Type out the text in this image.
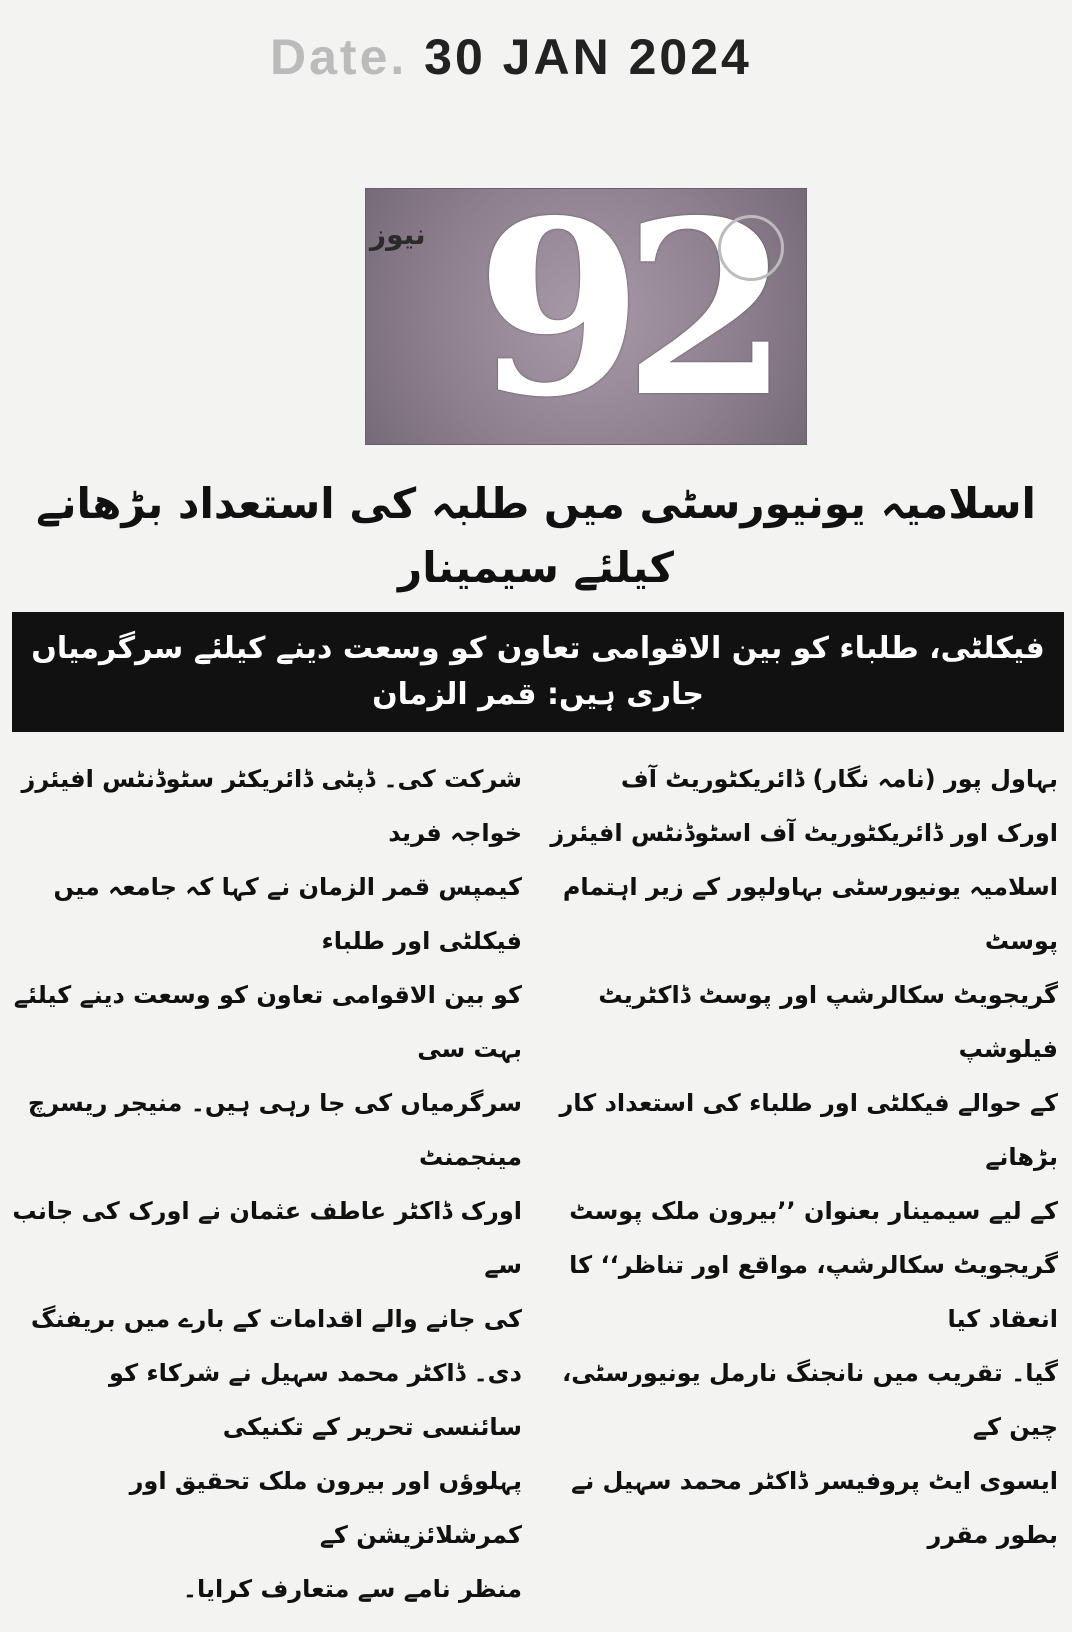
Date. 30 JAN 2024
نیوز 92
اسلامیہ یونیورسٹی میں طلبہ کی استعداد بڑھانے کیلئے سیمینار
فیکلٹی، طلباء کو بین الاقوامی تعاون کو وسعت دینے کیلئے سرگرمیاں جاری ہیں: قمر الزمان
بہاول پور (نامہ نگار) ڈائریکٹوریٹ آف
اورک اور ڈائریکٹوریٹ آف اسٹوڈنٹس افیئرز
اسلامیہ یونیورسٹی بہاولپور کے زیر اہتمام پوسٹ
گریجویٹ سکالرشپ اور پوسٹ ڈاکٹریٹ فیلوشپ
کے حوالے فیکلٹی اور طلباء کی استعداد کار بڑھانے
کے لیے سیمینار بعنوان ’’بیرون ملک پوسٹ
گریجویٹ سکالرشپ، مواقع اور تناظر‘‘ کا انعقاد کیا
گیا۔ تقریب میں نانجنگ نارمل یونیورسٹی، چین کے
ایسوی ایٹ پروفیسر ڈاکٹر محمد سہیل نے بطور مقرر
شرکت کی۔ ڈپٹی ڈائریکٹر سٹوڈنٹس افیئرز خواجہ فرید
کیمپس قمر الزمان نے کہا کہ جامعہ میں فیکلٹی اور طلباء
کو بین الاقوامی تعاون کو وسعت دینے کیلئے بہت سی
سرگرمیاں کی جا رہی ہیں۔ منیجر ریسرچ مینجمنٹ
اورک ڈاکٹر عاطف عثمان نے اورک کی جانب سے
کی جانے والے اقدامات کے بارے میں بریفنگ
دی۔ ڈاکٹر محمد سہیل نے شرکاء کو سائنسی تحریر کے تکنیکی
پہلوؤں اور بیرون ملک تحقیق اور کمرشلائزیشن کے
منظر نامے سے متعارف کرایا۔
